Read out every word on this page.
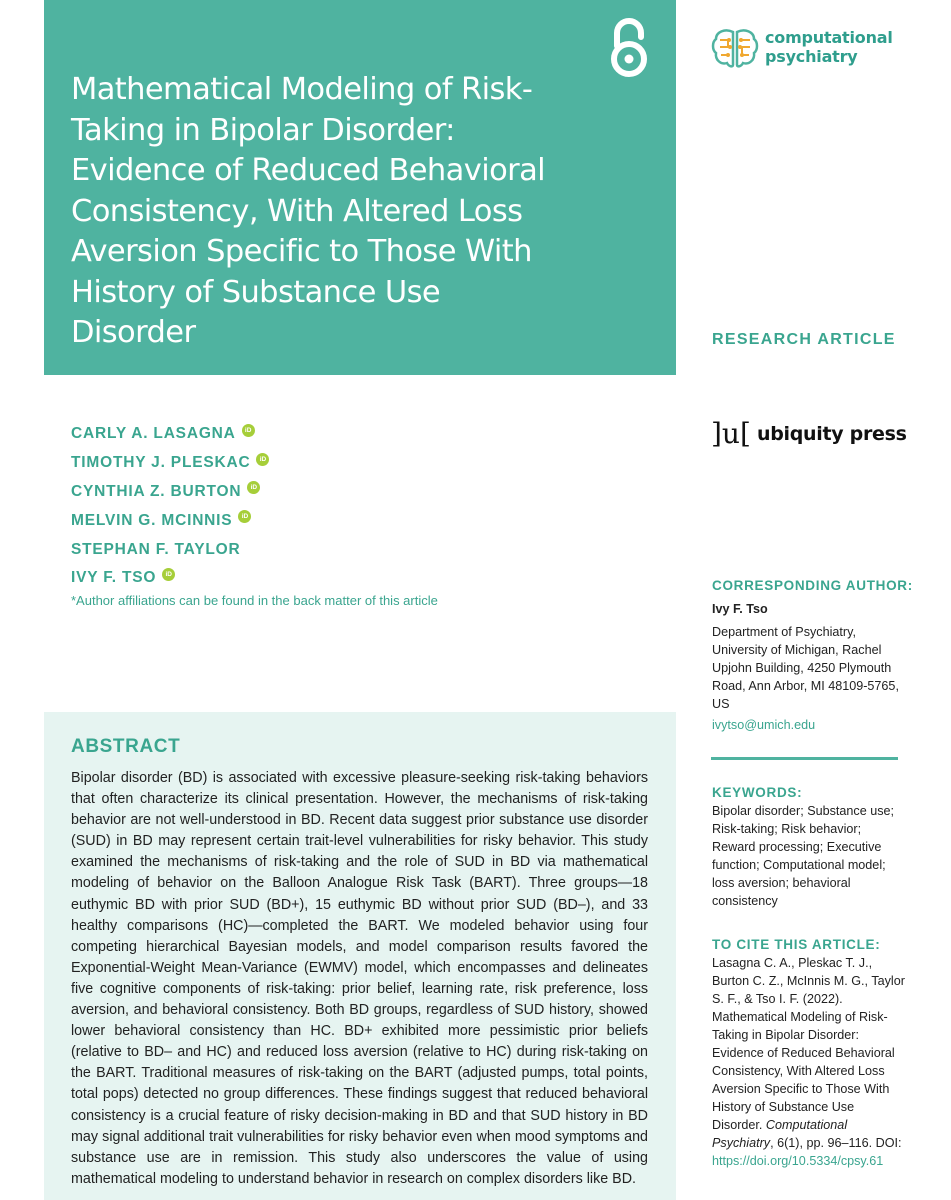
Mathematical Modeling of Risk-Taking in Bipolar Disorder: Evidence of Reduced Behavioral Consistency, With Altered Loss Aversion Specific to Those With History of Substance Use Disorder
computational
psychiatry
RESEARCH ARTICLE
]u[ ubiquity press
CARLY A. LASAGNA	iD
TIMOTHY J. PLESKAC	iD
CYNTHIA Z. BURTON	iD
MELVIN G. MCINNIS	iD
STEPHAN F. TAYLOR
IVY F. TSO	iD
*Author affiliations can be found in the back matter of this article
CORRESPONDING AUTHOR:
Ivy F. Tso
Department of Psychiatry, University of Michigan, Rachel Upjohn Building, 4250 Plymouth Road, Ann Arbor, MI 48109-5765, US
ivytso@umich.edu
KEYWORDS:
Bipolar disorder; Substance use; Risk-taking; Risk behavior; Reward processing; Executive function; Computational model; loss aversion; behavioral consistency
TO CITE THIS ARTICLE:
Lasagna C. A., Pleskac T. J., Burton C. Z., McInnis M. G., Taylor S. F., & Tso I. F. (2022). Mathematical Modeling of Risk-Taking in Bipolar Disorder: Evidence of Reduced Behavioral Consistency, With Altered Loss Aversion Specific to Those With History of Substance Use Disorder. Computational Psychiatry, 6(1), pp. 96–116. DOI: https://doi.org/10.5334/cpsy.61
ABSTRACT

Bipolar disorder (BD) is associated with excessive pleasure-seeking risk-taking behaviors that often characterize its clinical presentation. However, the mechanisms of risk-taking behavior are not well-understood in BD. Recent data suggest prior substance use disorder (SUD) in BD may represent certain trait-level vulnerabilities for risky behavior. This study examined the mechanisms of risk-taking and the role of SUD in BD via mathematical modeling of behavior on the Balloon Analogue Risk Task (BART). Three groups—18 euthymic BD with prior SUD (BD+), 15 euthymic BD without prior SUD (BD–), and 33 healthy comparisons (HC)—completed the BART. We modeled behavior using four competing hierarchical Bayesian models, and model comparison results favored the Exponential-Weight Mean-Variance (EWMV) model, which encompasses and delineates five cognitive components of risk-taking: prior belief, learning rate, risk preference, loss aversion, and behavioral consistency. Both BD groups, regardless of SUD history, showed lower behavioral consistency than HC. BD+ exhibited more pessimistic prior beliefs (relative to BD– and HC) and reduced loss aversion (relative to HC) during risk-taking on the BART. Traditional measures of risk-taking on the BART (adjusted pumps, total points, total pops) detected no group differences. These findings suggest that reduced behavioral consistency is a crucial feature of risky decision-making in BD and that SUD history in BD may signal additional trait vulnerabilities for risky behavior even when mood symptoms and substance use are in remission. This study also underscores the value of using mathematical modeling to understand behavior in research on complex disorders like BD.
